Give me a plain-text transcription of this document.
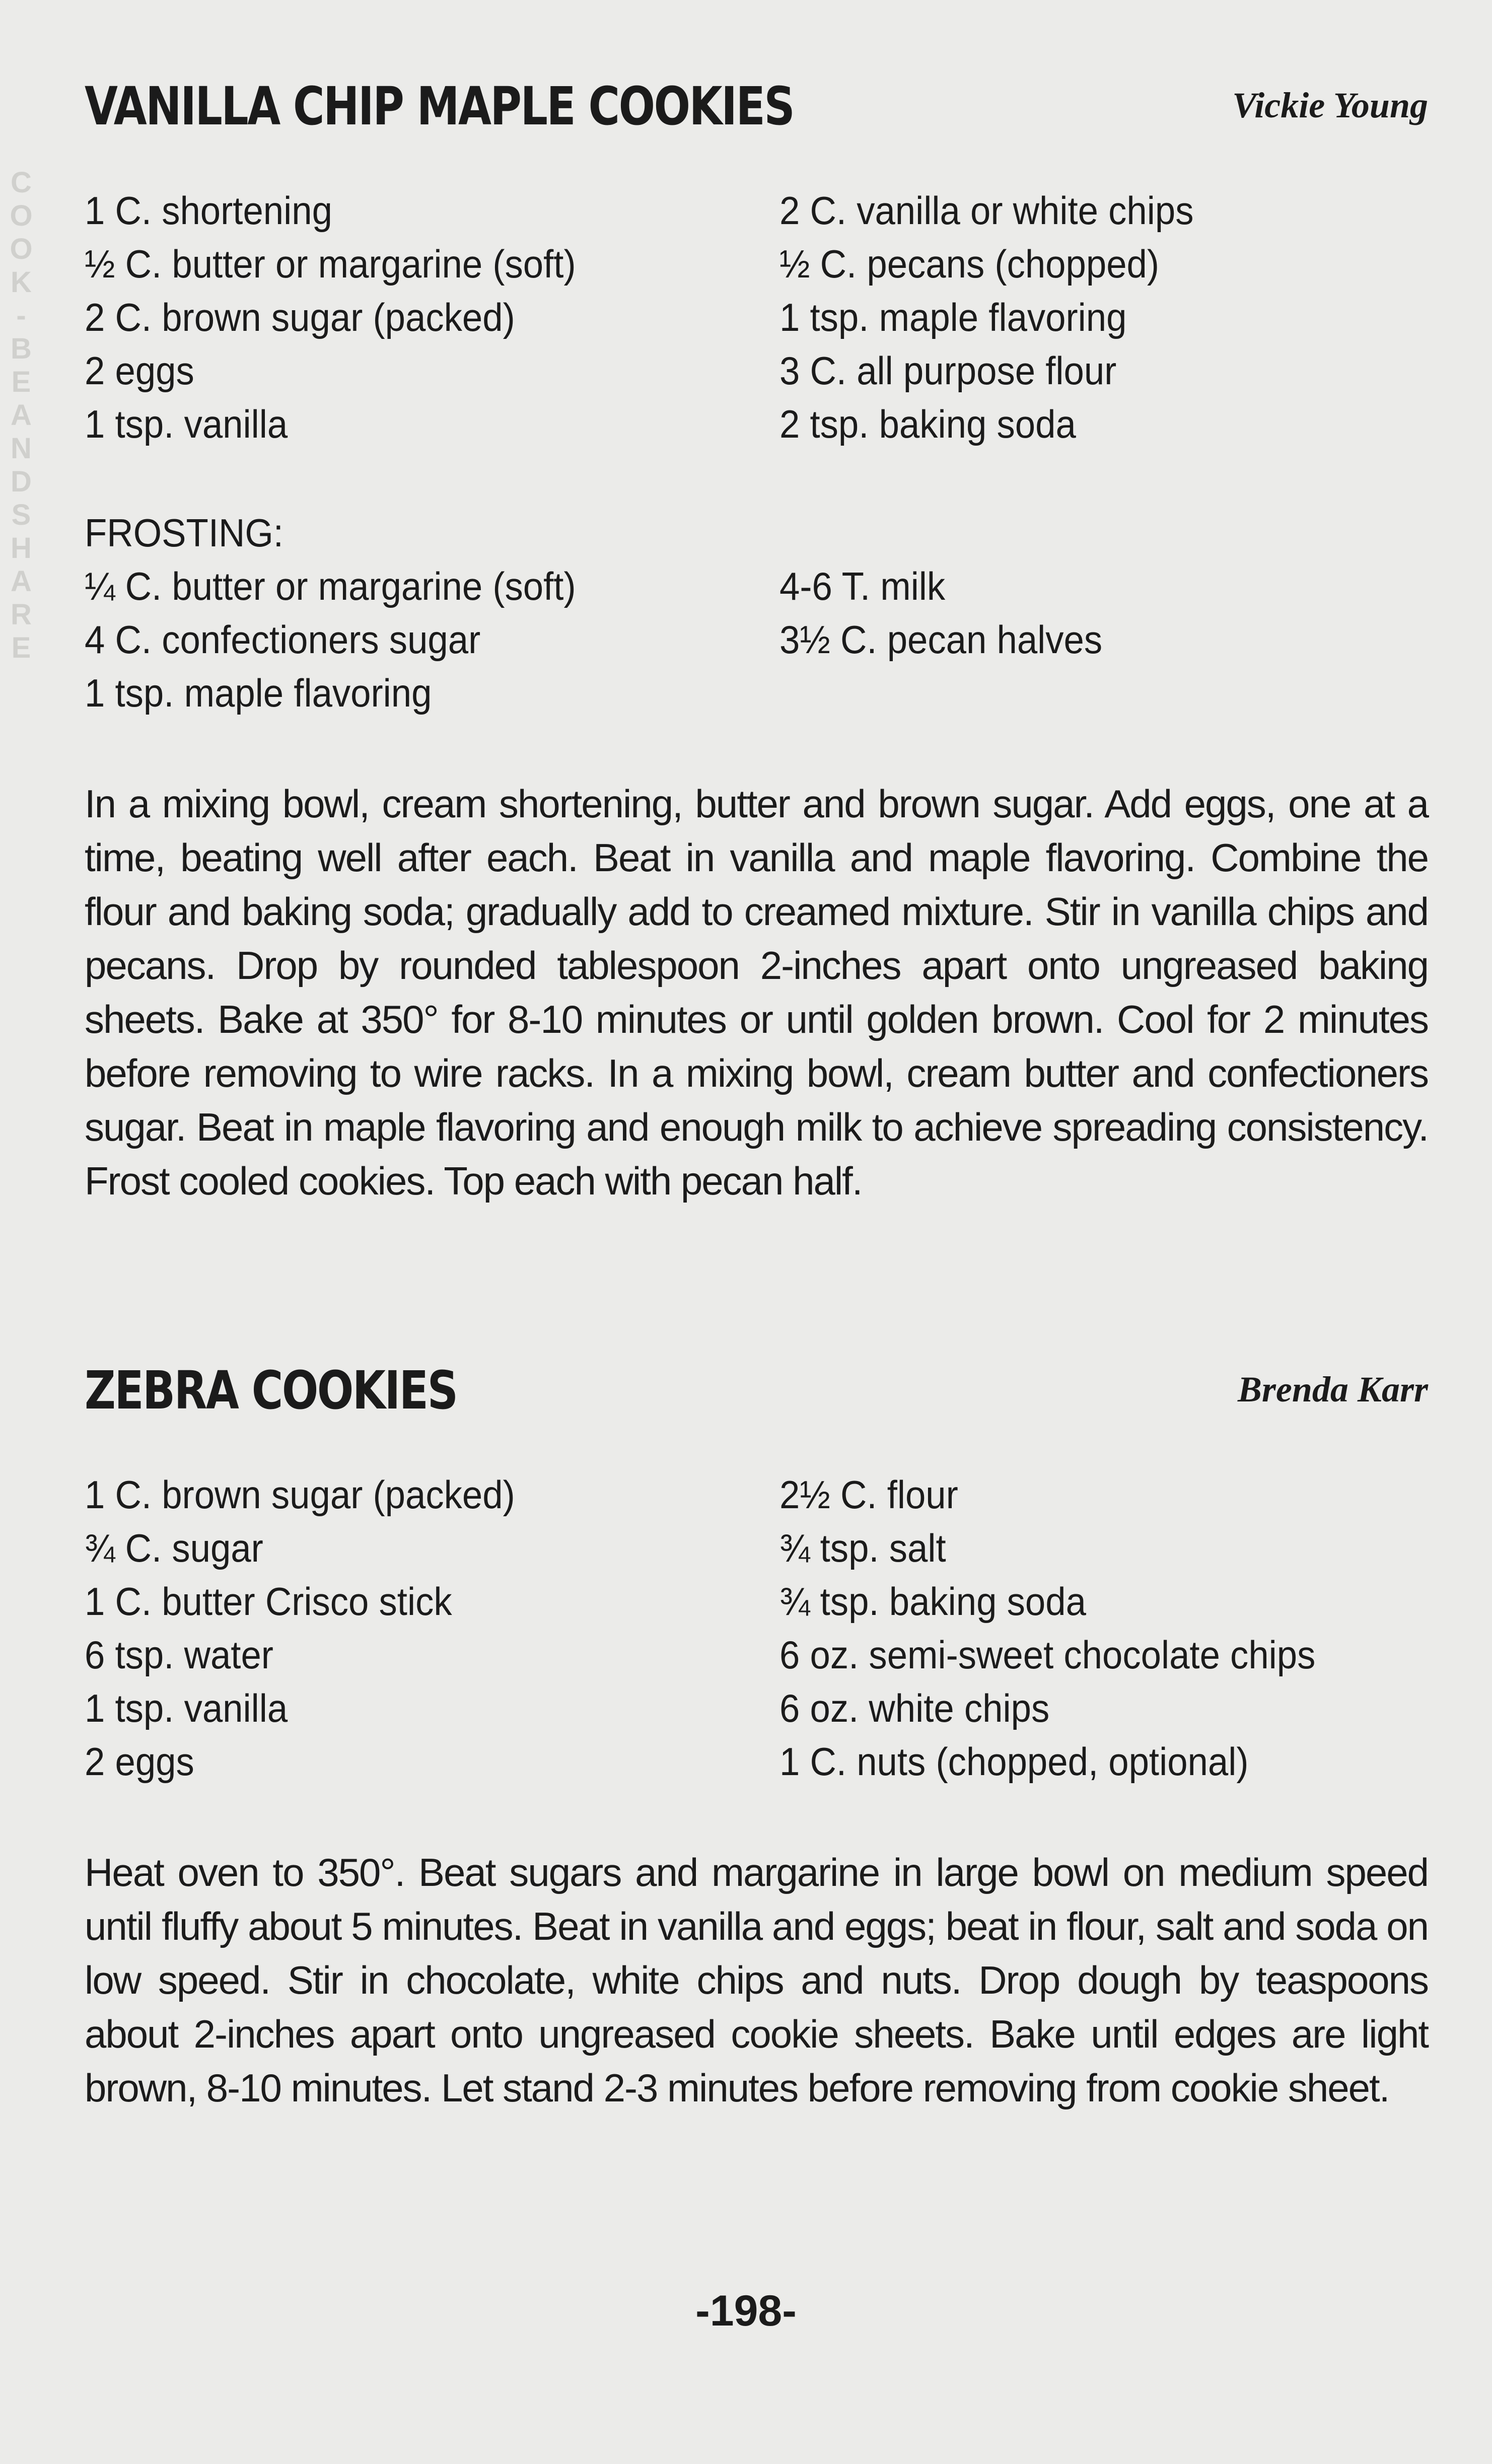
C
O
O
K
-
B
E
A
N
D
S
H
A
R
E
VANILLA CHIP MAPLE COOKIES	Vickie Young
1 C. shortening
½ C. butter or margarine (soft)
2 C. brown sugar (packed)
2 eggs
1 tsp. vanilla
2 C. vanilla or white chips
½ C. pecans (chopped)
1 tsp. maple flavoring
3 C. all purpose flour
2 tsp. baking soda
FROSTING:
¼ C. butter or margarine (soft)
4 C. confectioners sugar
1 tsp. maple flavoring
4-6 T. milk
3½ C. pecan halves

In a mixing bowl, cream shortening, butter and brown sugar. Add eggs, one at a time, beating well after each. Beat in vanilla and maple flavoring. Combine the flour and baking soda; gradually add to creamed mixture. Stir in vanilla chips and pecans. Drop by rounded tablespoon 2-inches apart onto ungreased baking sheets. Bake at 350° for 8-10 minutes or until golden brown. Cool for 2 minutes before removing to wire racks. In a mixing bowl, cream butter and confectioners sugar. Beat in maple flavoring and enough milk to achieve spreading consistency. Frost cooled cookies. Top each with pecan half.

ZEBRA COOKIES	Brenda Karr
1 C. brown sugar (packed)
¾ C. sugar
1 C. butter Crisco stick
6 tsp. water
1 tsp. vanilla
2 eggs
2½ C. flour
¾ tsp. salt
¾ tsp. baking soda
6 oz. semi-sweet chocolate chips
6 oz. white chips
1 C. nuts (chopped, optional)

Heat oven to 350°. Beat sugars and margarine in large bowl on medium speed until fluffy about 5 minutes. Beat in vanilla and eggs; beat in flour, salt and soda on low speed. Stir in chocolate, white chips and nuts. Drop dough by teaspoons about 2-inches apart onto ungreased cookie sheets. Bake until edges are light brown, 8-10 minutes. Let stand 2-3 minutes before removing from cookie sheet.

-198-
